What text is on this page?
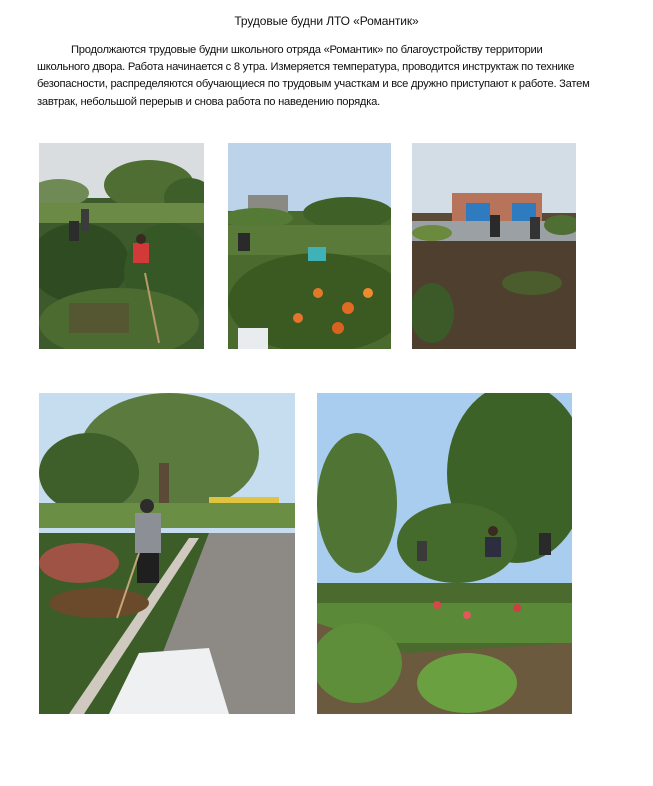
Трудовые будни ЛТО «Романтик»
Продолжаются трудовые будни школьного отряда «Романтик» по благоустройству территории школьного двора. Работа начинается с 8 утра. Измеряется температура, проводится инструктаж по технике безопасности, распределяются обучающиеся по трудовым участкам и все дружно приступают к работе. Затем завтрак, небольшой перерыв и снова работа по наведению порядка.
